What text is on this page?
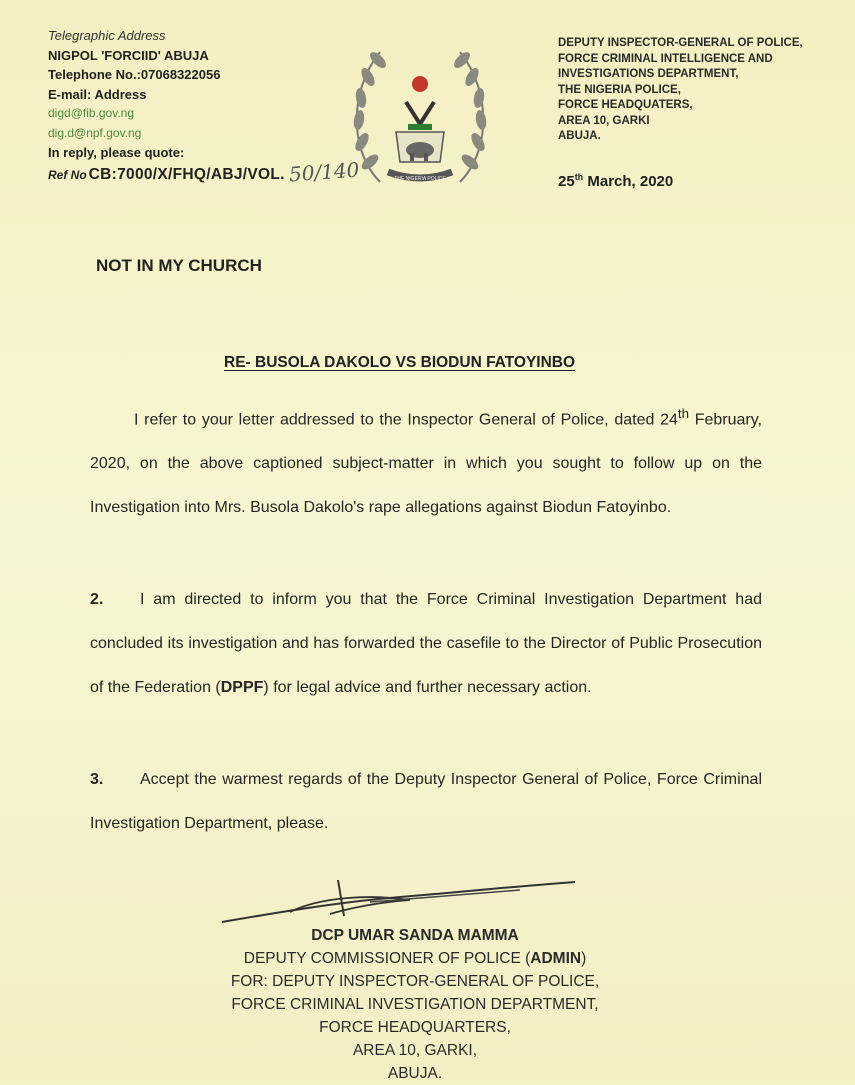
Telegraphic Address
NIGPOL 'FORCIID' ABUJA
Telephone No.:07068322056
E-mail: Address
digd@fib.gov.ng
dig.d@npf.gov.ng
In reply, please quote:
Ref No CB:7000/X/FHQ/ABJ/VOL. 50/140	THE NIGERIA POLICE
DEPUTY INSPECTOR-GENERAL OF POLICE,
FORCE CRIMINAL INTELLIGENCE AND
INVESTIGATIONS DEPARTMENT,
THE NIGERIA POLICE,
FORCE HEADQUATERS,
AREA 10, GARKI
ABUJA.
25th March, 2020
NOT IN MY CHURCH
RE- BUSOLA DAKOLO VS BIODUN FATOYINBO
I refer to your letter addressed to the Inspector General of Police, dated 24th February, 2020, on the above captioned subject-matter in which you sought to follow up on the Investigation into Mrs. Busola Dakolo's rape allegations against Biodun Fatoyinbo.
2. I am directed to inform you that the Force Criminal Investigation Department had concluded its investigation and has forwarded the casefile to the Director of Public Prosecution of the Federation (DPPF) for legal advice and further necessary action.
3. Accept the warmest regards of the Deputy Inspector General of Police, Force Criminal Investigation Department, please.
DCP UMAR SANDA MAMMA
DEPUTY COMMISSIONER OF POLICE (ADMIN)
FOR: DEPUTY INSPECTOR-GENERAL OF POLICE,
FORCE CRIMINAL INVESTIGATION DEPARTMENT,
FORCE HEADQUARTERS,
AREA 10, GARKI,
ABUJA.
